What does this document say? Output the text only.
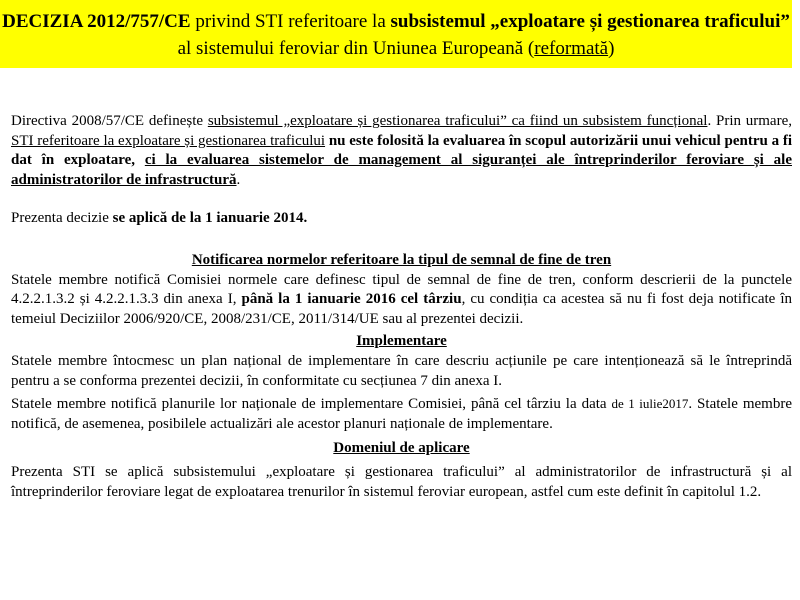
DECIZIA 2012/757/CE privind STI referitoare la subsistemul „exploatare și gestionarea traficului” al sistemului feroviar din Uniunea Europeană (reformată)

Directiva 2008/57/CE definește subsistemul „exploatare și gestionarea traficului” ca fiind un subsistem funcțional. Prin urmare, STI referitoare la exploatare și gestionarea traficului nu este folosită la evaluarea în scopul autorizării unui vehicul pentru a fi dat în exploatare, ci la evaluarea sistemelor de management al siguranței ale întreprinderilor feroviare și ale administratorilor de infrastructură.

Prezenta decizie se aplică de la 1 ianuarie 2014.

Notificarea normelor referitoare la tipul de semnal de fine de tren

Statele membre notifică Comisiei normele care definesc tipul de semnal de fine de tren, conform descrierii de la punctele 4.2.2.1.3.2 și 4.2.2.1.3.3 din anexa I, până la 1 ianuarie 2016 cel târziu, cu condiția ca acestea să nu fi fost deja notificate în temeiul Deciziilor 2006/920/CE, 2008/231/CE, 2011/314/UE sau al prezentei decizii.

Implementare

Statele membre întocmesc un plan național de implementare în care descriu acțiunile pe care intenționează să le întreprindă pentru a se conforma prezentei decizii, în conformitate cu secțiunea 7 din anexa I.

Statele membre notifică planurile lor naționale de implementare Comisiei, până cel târziu la data de 1 iulie2017. Statele membre notifică, de asemenea, posibilele actualizări ale acestor planuri naționale de implementare.

Domeniul de aplicare

Prezenta STI se aplică subsistemului „exploatare și gestionarea traficului” al administratorilor de infrastructură și al întreprinderilor feroviare legat de exploatarea trenurilor în sistemul feroviar european, astfel cum este definit în capitolul 1.2.
